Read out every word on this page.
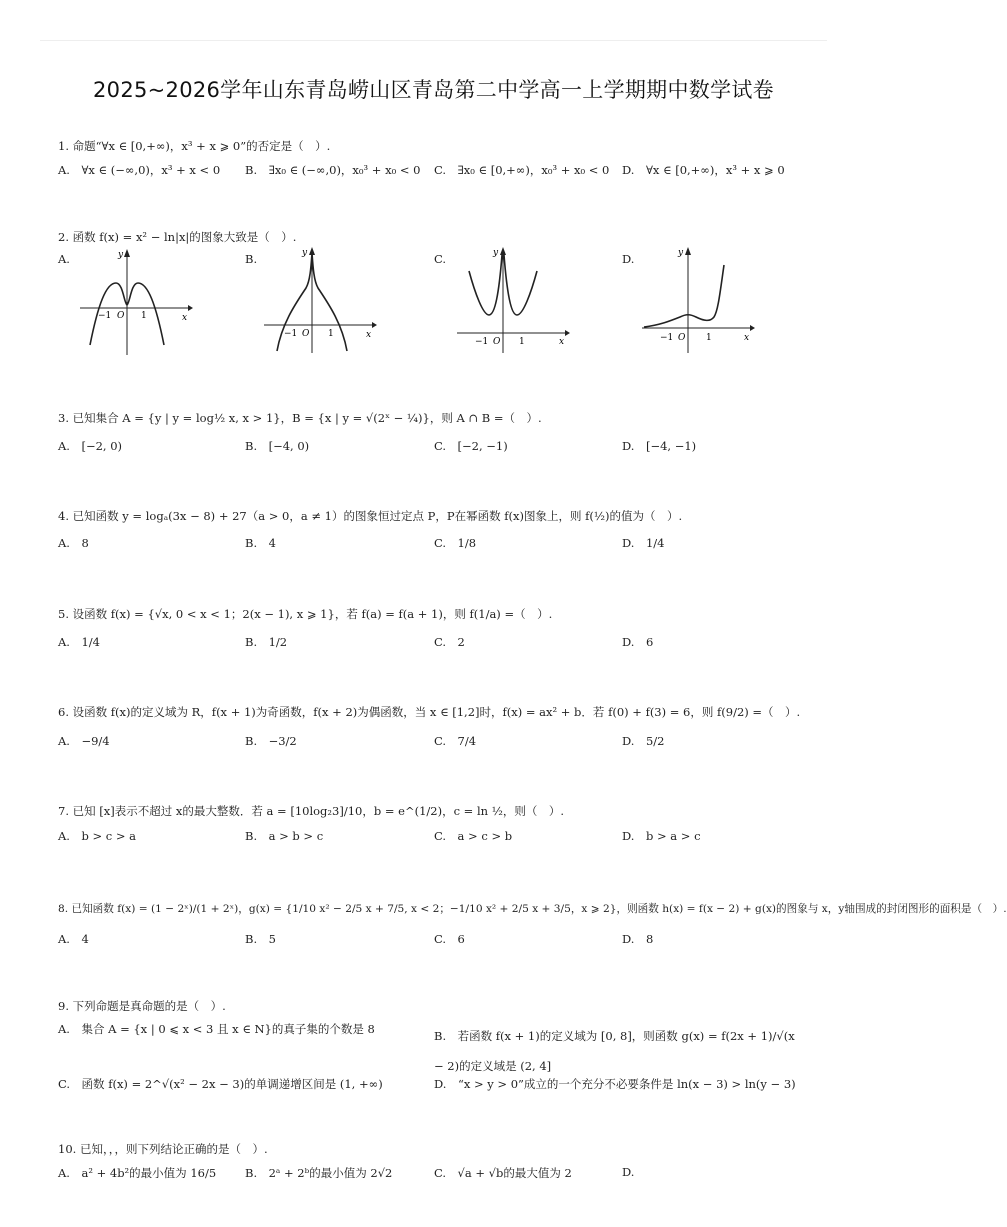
2025~2026学年山东青岛崂山区青岛第二中学高一上学期期中数学试卷
1. 命题“∀x ∈ [0,+∞)，x³ + x ⩾ 0”的否定是（　）.
A.　∀x ∈ (−∞,0)，x³ + x < 0 B.　∃x₀ ∈ (−∞,0)，x₀³ + x₀ < 0 C.　∃x₀ ∈ [0,+∞)，x₀³ + x₀ < 0 D.　∀x ∈ [0,+∞)，x³ + x ⩾ 0
2. 函数 f(x) = x² − ln|x|的图象大致是（　）.
A.	B.	C.	D.
y
x
−1 O 1
y
x
−1 O 1
y
x
−1 O 1
y
x
−1 O 1
3. 已知集合 A = {y | y = log½ x, x > 1}，B = {x | y = √(2ˣ − ¼)}，则 A ∩ B =（　）.
A.　[−2, 0)	B.　[−4, 0)	C.　[−2, −1)	D.　[−4, −1)
4. 已知函数 y = logₐ(3x − 8) + 27（a > 0，a ≠ 1）的图象恒过定点 P，P在幂函数 f(x)图象上，则 f(½)的值为（　）.
A.　8	B.　4	C.　1/8	D.　1/4
5. 设函数 f(x) = {√x, 0 < x < 1；2(x − 1), x ⩾ 1}，若 f(a) = f(a + 1)，则 f(1/a) =（　）.
A.　1/4	B.　1/2	C.　2	D.　6
6. 设函数 f(x)的定义域为 R，f(x + 1)为奇函数，f(x + 2)为偶函数，当 x ∈ [1,2]时，f(x) = ax² + b．若 f(0) + f(3) = 6，则 f(9/2) =（　）.
A.　−9/4	B.　−3/2	C.　7/4	D.　5/2
7. 已知 [x]表示不超过 x的最大整数．若 a = [10log₂3]/10，b = e^(1/2)，c = ln ½，则（　）.
A.　b > c > a	B.　a > b > c	C.　a > c > b	D.　b > a > c
8. 已知函数 f(x) = (1 − 2ˣ)/(1 + 2ˣ)，g(x) = {1/10 x² − 2/5 x + 7/5, x < 2；−1/10 x² + 2/5 x + 3/5，x ⩾ 2}，则函数 h(x) = f(x − 2) + g(x)的图象与 x，y轴围成的封闭图形的面积是（　）.
A.　4	B.　5	C.　6	D.　8
9. 下列命题是真命题的是（　）.
A.　集合 A = {x | 0 ⩽ x < 3 且 x ∈ N}的真子集的个数是 8	B.　若函数 f(x + 1)的定义域为 [0, 8]，则函数 g(x) = f(2x + 1)/√(x − 2)的定义域是 (2, 4]
C.　函数 f(x) = 2^√(x² − 2x − 3)的单调递增区间是 (1, +∞)	D.　“x > y > 0”成立的一个充分不必要条件是 ln(x − 3) > ln(y − 3)
10. 已知，，，则下列结论正确的是（　）.
A.　a² + 4b²的最小值为 16/5	B.　2ᵃ + 2ᵇ的最小值为 2√2	C.　√a + √b的最大值为 2	D.
